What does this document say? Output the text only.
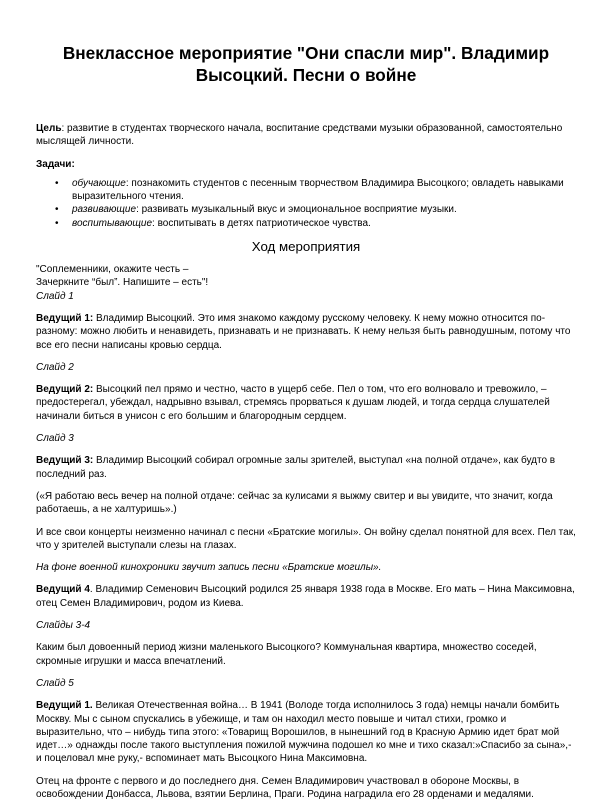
Внеклассное мероприятие "Они спасли мир". Владимир Высоцкий. Песни о войне

Цель: развитие в студентах творческого начала, воспитание средствами музыки образованной, самостоятельно мыслящей личности.

Задачи:

• обучающие: познакомить студентов с песенным творчеством Владимира Высоцкого; овладеть навыками выразительного чтения.
• развивающие: развивать музыкальный вкус и эмоциональное восприятие музыки.
• воспитывающие: воспитывать в детях патриотическое чувства.
Ход мероприятия

"Соплеменники, окажите честь –
Зачеркните “был”. Напишите – есть"!
Слайд 1

Ведущий 1: Владимир Высоцкий. Это имя знакомо каждому русскому человеку. К нему можно относится по-разному: можно любить и ненавидеть, признавать и не признавать. К нему нельзя быть равнодушным, потому что все его песни написаны кровью сердца.

Слайд 2

Ведущий 2: Высоцкий пел прямо и честно, часто в ущерб себе. Пел о том, что его волновало и тревожило, – предостерегал, убеждал, надрывно взывал, стремясь прорваться к душам людей, и тогда сердца слушателей начинали биться в унисон с его большим и благородным сердцем.

Слайд 3

Ведущий 3: Владимир Высоцкий собирал огромные залы зрителей, выступал «на полной отдаче», как будто в последний раз.

(«Я работаю весь вечер на полной отдаче: сейчас за кулисами я выжму свитер и вы увидите, что значит, когда работаешь, а не халтуришь».)

И все свои концерты неизменно начинал с песни «Братские могилы». Он войну сделал понятной для всех. Пел так, что у зрителей выступали слезы на глазах.

На фоне военной кинохроники звучит запись песни «Братские могилы».

Ведущий 4. Владимир Семенович Высоцкий родился 25 января 1938 года в Москве. Его мать – Нина Максимовна, отец Семен Владимирович, родом из Киева.

Слайды 3-4

Каким был довоенный период жизни маленького Высоцкого? Коммунальная квартира, множество соседей, скромные игрушки и масса впечатлений.

Слайд 5

Ведущий 1. Великая Отечественная война… В 1941 (Володе тогда исполнилось 3 года) немцы начали бомбить Москву. Мы с сыном спускались в убежище, и там он находил место повыше и читал стихи, громко и выразительно, что – нибудь типа этого: «Товарищ Ворошилов, в нынешний год в Красную Армию идет брат мой идет…» однажды после такого выступления пожилой мужчина подошел ко мне и тихо сказал:»Спасибо за сына»,- и поцеловал мне руку,- вспоминает мать Высоцкого Нина Максимовна.

Отец на фронте с первого и до последнего дня. Семен Владимирович участвовал в обороне Москвы, в освобождении Донбасса, Львова, взятии Берлина, Праги. Родина наградила его 28 орденами и медалями.
